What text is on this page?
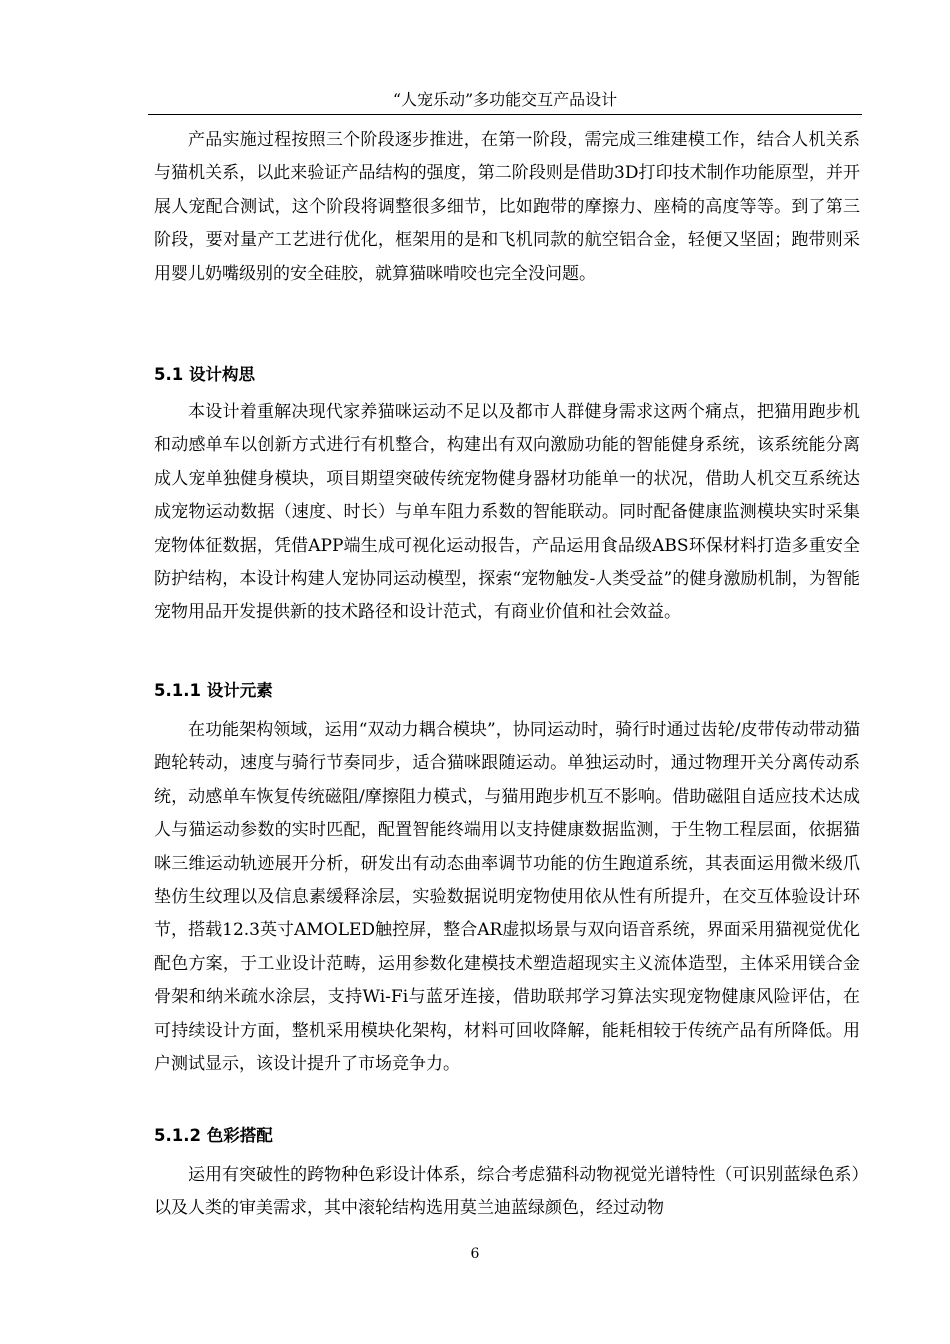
“人宠乐动”多功能交互产品设计

产品实施过程按照三个阶段逐步推进，在第一阶段，需完成三维建模工作，结合人机关系与猫机关系，以此来验证产品结构的强度，第二阶段则是借助3D打印技术制作功能原型，并开展人宠配合测试，这个阶段将调整很多细节，比如跑带的摩擦力、座椅的高度等等。到了第三阶段，要对量产工艺进行优化，框架用的是和飞机同款的航空铝合金，轻便又坚固；跑带则采用婴儿奶嘴级别的安全硅胶，就算猫咪啃咬也完全没问题。

5.1 设计构思

本设计着重解决现代家养猫咪运动不足以及都市人群健身需求这两个痛点，把猫用跑步机和动感单车以创新方式进行有机整合，构建出有双向激励功能的智能健身系统，该系统能分离成人宠单独健身模块，项目期望突破传统宠物健身器材功能单一的状况，借助人机交互系统达成宠物运动数据（速度、时长）与单车阻力系数的智能联动。同时配备健康监测模块实时采集宠物体征数据，凭借APP端生成可视化运动报告，产品运用食品级ABS环保材料打造多重安全防护结构，本设计构建人宠协同运动模型，探索“宠物触发-人类受益”的健身激励机制，为智能宠物用品开发提供新的技术路径和设计范式，有商业价值和社会效益。

5.1.1 设计元素

在功能架构领域，运用“双动力耦合模块”，协同运动时，骑行时通过齿轮/皮带传动带动猫跑轮转动，速度与骑行节奏同步，适合猫咪跟随运动。单独运动时，通过物理开关分离传动系统，动感单车恢复传统磁阻/摩擦阻力模式，与猫用跑步机互不影响。借助磁阻自适应技术达成人与猫运动参数的实时匹配，配置智能终端用以支持健康数据监测，于生物工程层面，依据猫咪三维运动轨迹展开分析，研发出有动态曲率调节功能的仿生跑道系统，其表面运用微米级爪垫仿生纹理以及信息素缓释涂层，实验数据说明宠物使用依从性有所提升，在交互体验设计环节，搭载12.3英寸AMOLED触控屏，整合AR虚拟场景与双向语音系统，界面采用猫视觉优化配色方案，于工业设计范畴，运用参数化建模技术塑造超现实主义流体造型，主体采用镁合金骨架和纳米疏水涂层，支持Wi-Fi与蓝牙连接，借助联邦学习算法实现宠物健康风险评估，在可持续设计方面，整机采用模块化架构，材料可回收降解，能耗相较于传统产品有所降低。用户测试显示，该设计提升了市场竞争力。

5.1.2 色彩搭配

运用有突破性的跨物种色彩设计体系，综合考虑猫科动物视觉光谱特性（可识别蓝绿色系）以及人类的审美需求，其中滚轮结构选用莫兰迪蓝绿颜色，经过动物

6
